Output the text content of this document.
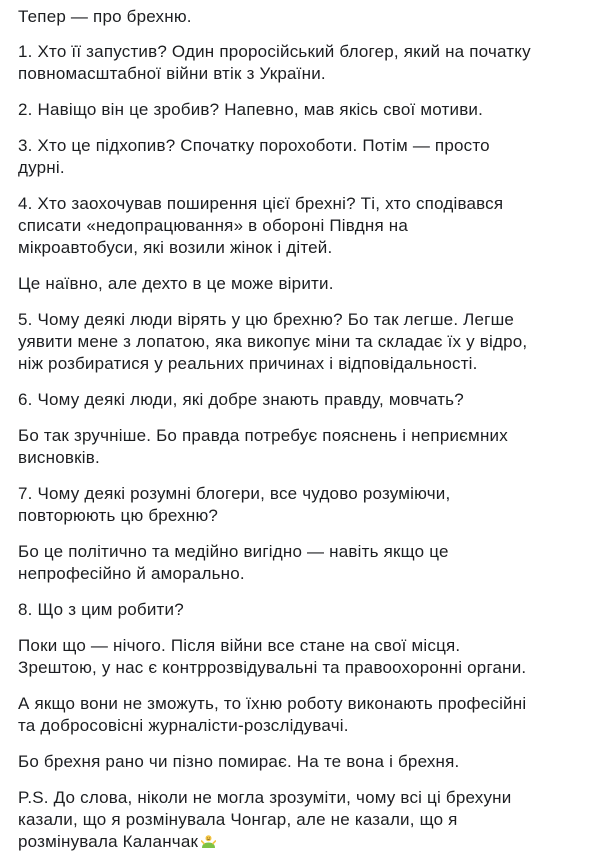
Тепер — про брехню.

1. Хто її запустив? Один проросійський блогер, який на початку
повномасштабної війни втік з України.

2. Навіщо він це зробив? Напевно, мав якісь свої мотиви.

3. Хто це підхопив? Спочатку порохоботи. Потім — просто
дурні.

4. Хто заохочував поширення цієї брехні? Ті, хто сподівався
списати «недопрацювання» в обороні Півдня на
мікроавтобуси, які возили жінок і дітей.

Це наївно, але дехто в це може вірити.

5. Чому деякі люди вірять у цю брехню? Бо так легше. Легше
уявити мене з лопатою, яка викопує міни та складає їх у відро,
ніж розбиратися у реальних причинах і відповідальності.

6. Чому деякі люди, які добре знають правду, мовчать?

Бо так зручніше. Бо правда потребує пояснень і неприємних
висновків.

7. Чому деякі розумні блогери, все чудово розуміючи,
повторюють цю брехню?

Бо це політично та медійно вигідно — навіть якщо це
непрофесійно й аморально.

8. Що з цим робити?

Поки що — нічого. Після війни все стане на свої місця.
Зрештою, у нас є контррозвідувальні та правоохоронні органи.

А якщо вони не зможуть, то їхню роботу виконають професійні
та добросовісні журналісти-розслідувачі.

Бо брехня рано чи пізно помирає. На те вона і брехня.

P.S. До слова, ніколи не могла зрозуміти, чому всі ці брехуни
казали, що я розмінувала Чонгар, але не казали, що я
розмінувала Каланчак
